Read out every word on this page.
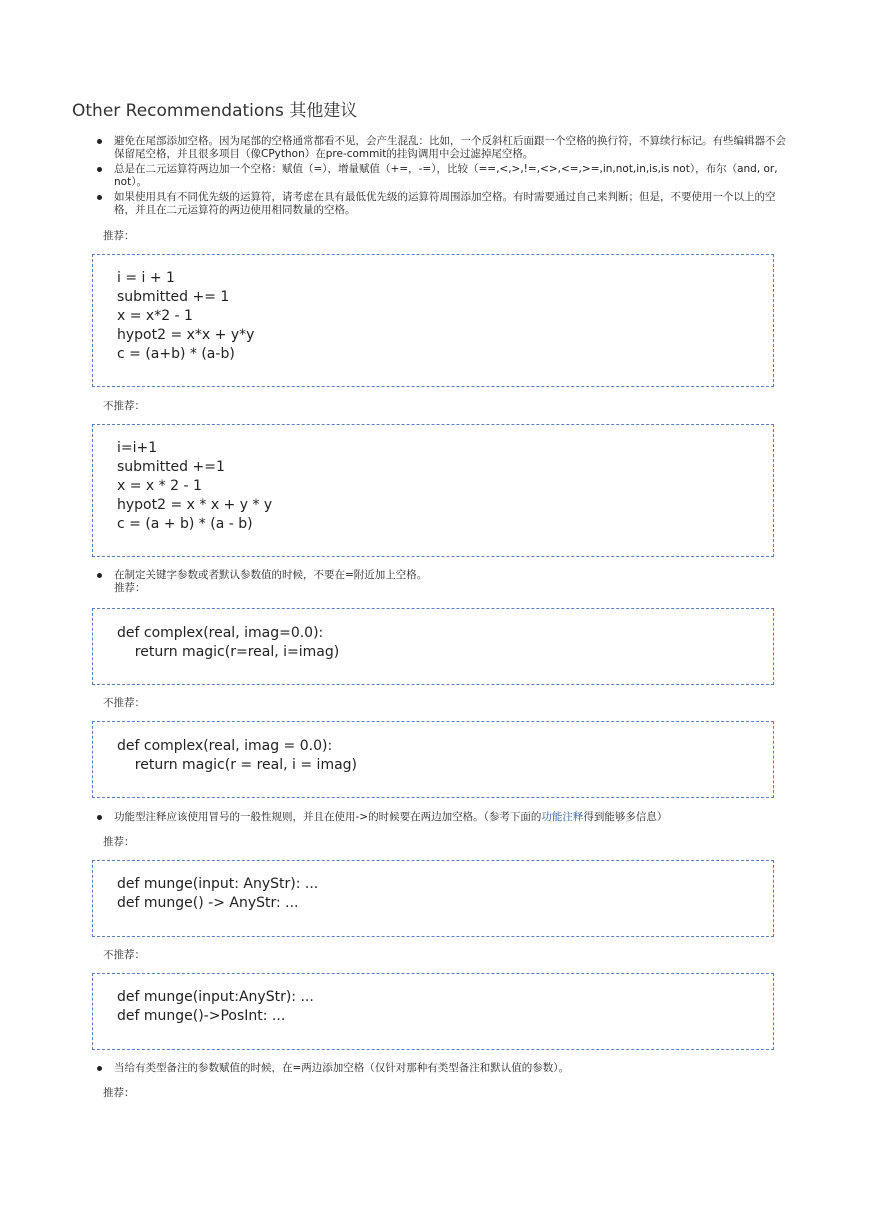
Other Recommendations 其他建议
避免在尾部添加空格。因为尾部的空格通常都看不见，会产生混乱：比如，一个反斜杠后面跟一个空格的换行符，不算续行标记。有些编辑器不会保留尾空格，并且很多项目（像CPython）在pre-commit的挂钩调用中会过滤掉尾空格。
总是在二元运算符两边加一个空格：赋值（=），增量赋值（+=，-=），比较（==,<,>,!=,<>,<=,>=,in,not,in,is,is not），布尔（and, or, not）。
如果使用具有不同优先级的运算符，请考虑在具有最低优先级的运算符周围添加空格。有时需要通过自己来判断；但是，不要使用一个以上的空格，并且在二元运算符的两边使用相同数量的空格。
推荐：
i = i + 1
submitted += 1
x = x*2 - 1
hypot2 = x*x + y*y
c = (a+b) * (a-b)
不推荐：
i=i+1
submitted +=1
x = x * 2 - 1
hypot2 = x * x + y * y
c = (a + b) * (a - b)
在制定关键字参数或者默认参数值的时候，不要在=附近加上空格。
推荐：
def complex(real, imag=0.0):
return magic(r=real, i=imag)
不推荐：
def complex(real, imag = 0.0):
return magic(r = real, i = imag)
功能型注释应该使用冒号的一般性规则，并且在使用->的时候要在两边加空格。（参考下面的功能注释得到能够多信息）
推荐：
def munge(input: AnyStr): ...
def munge() -> AnyStr: ...
不推荐：
def munge(input:AnyStr): ...
def munge()->PosInt: ...
当给有类型备注的参数赋值的时候，在=两边添加空格（仅针对那种有类型备注和默认值的参数）。
推荐：
